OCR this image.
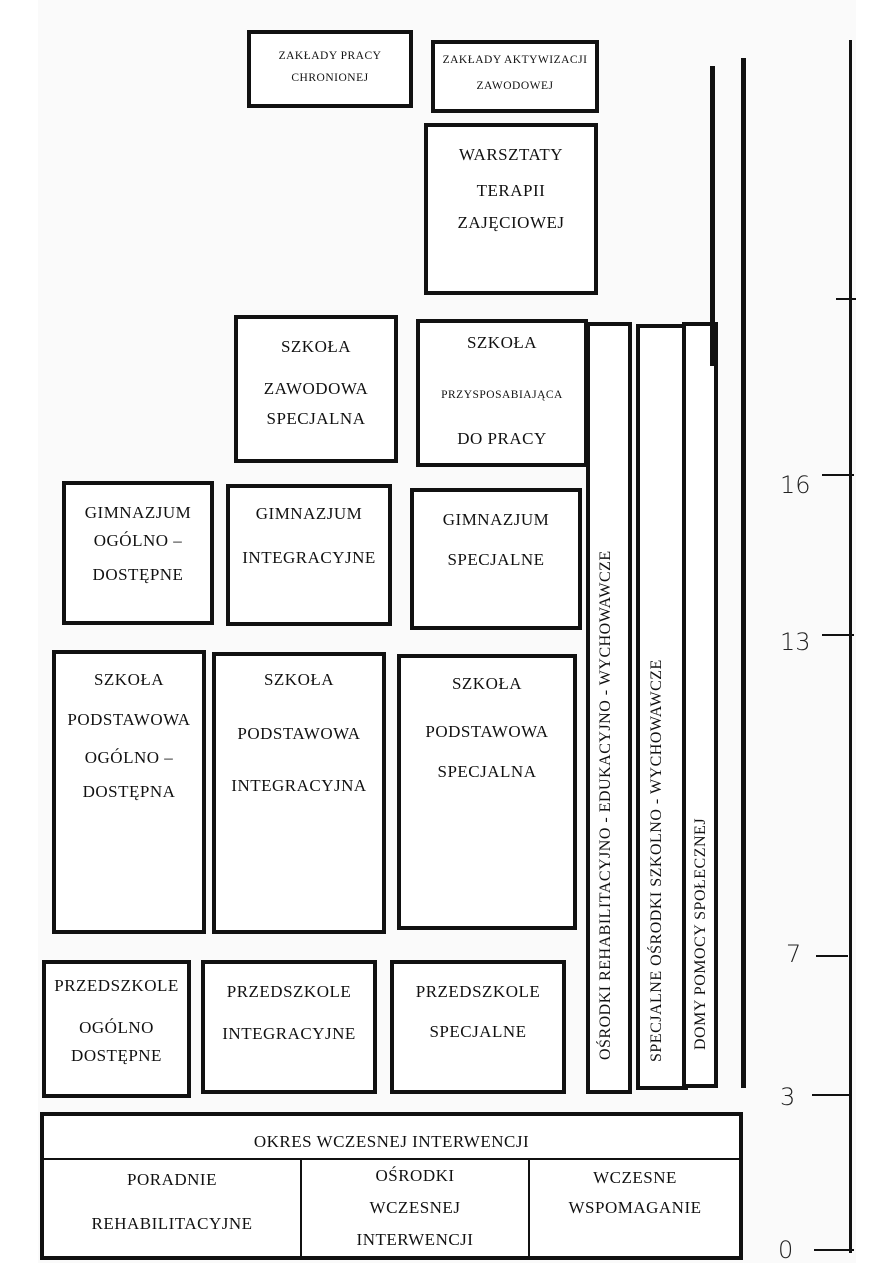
ZAKŁADY PRACY
CHRONIONEJ
ZAKŁADY AKTYWIZACJI
ZAWODOWEJ
WARSZTATY
TERAPII
ZAJĘCIOWEJ
SZKOŁA
ZAWODOWA
SPECJALNA
SZKOŁA
PRZYSPOSABIAJĄCA
DO PRACY
GIMNAZJUM
OGÓLNO –
DOSTĘPNE
GIMNAZJUM
INTEGRACYJNE
GIMNAZJUM
SPECJALNE
SZKOŁA
PODSTAWOWA
OGÓLNO –
DOSTĘPNA
SZKOŁA
PODSTAWOWA
INTEGRACYJNA
SZKOŁA
PODSTAWOWA
SPECJALNA
PRZEDSZKOLE
OGÓLNO
DOSTĘPNE
PRZEDSZKOLE
INTEGRACYJNE
PRZEDSZKOLE
SPECJALNE	OŚRODKI REHABILITACYJNO - EDUKACYJNO - WYCHOWAWCZE SPECJALNE OŚRODKI SZKOLNO - WYCHOWAWCZE DOMY POMOCY SPOŁECZNEJ
OKRES WCZESNEJ INTERWENCJI
PORADNIE
REHABILITACYJNE
OŚRODKI
WCZESNEJ
INTERWENCJI
WCZESNE
WSPOMAGANIE
16
13
7
3
0
